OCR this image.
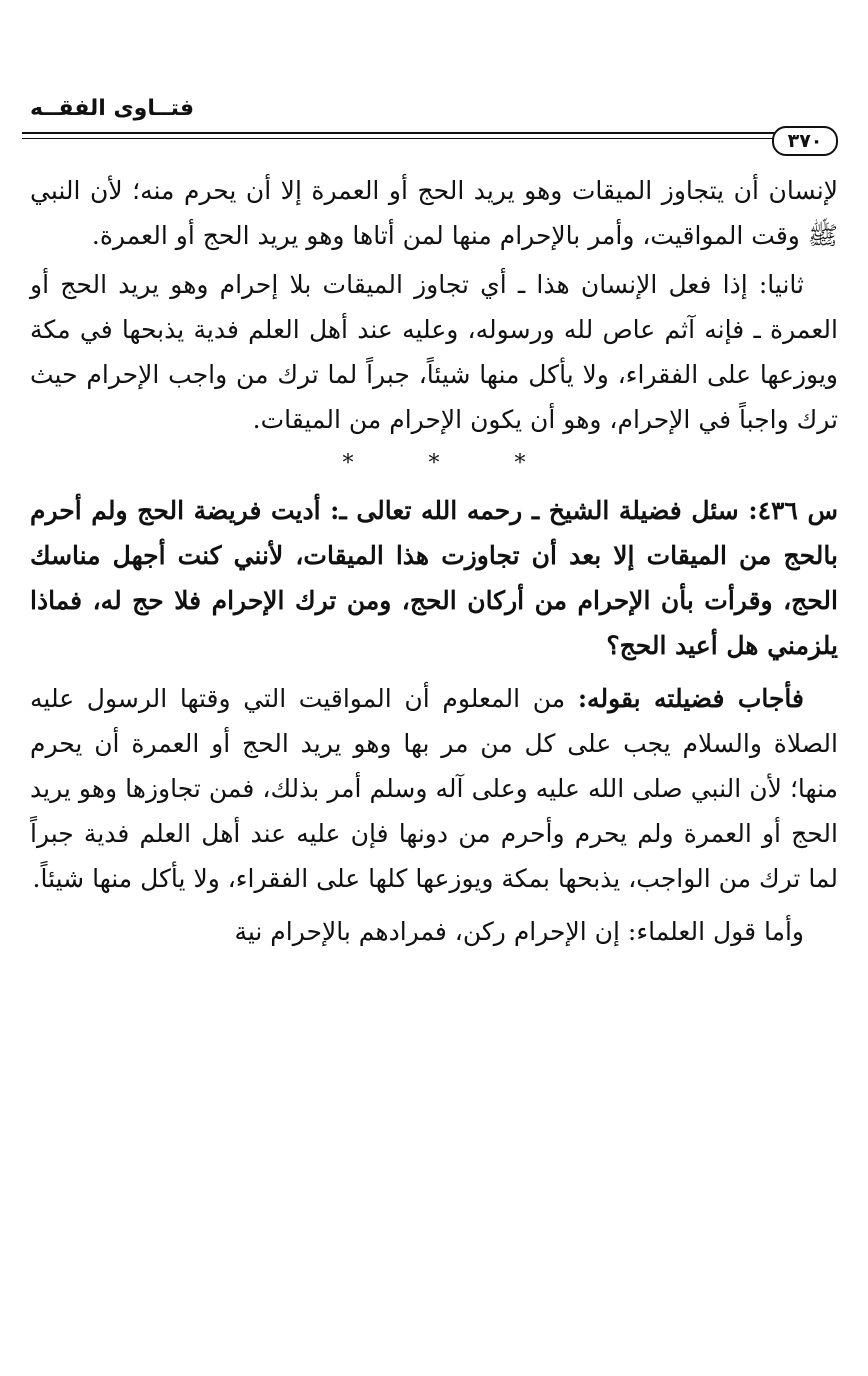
فتــاوى الفقــه
٣٧٠

لإنسان أن يتجاوز الميقات وهو يريد الحج أو العمرة إلا أن يحرم منه؛ لأن النبي ﷺ وقت المواقيت، وأمر بالإحرام منها لمن أتاها وهو يريد الحج أو العمرة.

ثانيا: إذا فعل الإنسان هذا ـ أي تجاوز الميقات بلا إحرام وهو يريد الحج أو العمرة ـ فإنه آثم عاص لله ورسوله، وعليه عند أهل العلم فدية يذبحها في مكة ويوزعها على الفقراء، ولا يأكل منها شيئاً، جبراً لما ترك من واجب الإحرام حيث ترك واجباً في الإحرام، وهو أن يكون الإحرام من الميقات.

* * *

س ٤٣٦: سئل فضيلة الشيخ ـ رحمه الله تعالى ـ: أديت فريضة الحج ولم أحرم بالحج من الميقات إلا بعد أن تجاوزت هذا الميقات، لأنني كنت أجهل مناسك الحج، وقرأت بأن الإحرام من أركان الحج، ومن ترك الإحرام فلا حج له، فماذا يلزمني هل أعيد الحج؟

فأجاب فضيلته بقوله: من المعلوم أن المواقيت التي وقتها الرسول عليه الصلاة والسلام يجب على كل من مر بها وهو يريد الحج أو العمرة أن يحرم منها؛ لأن النبي صلى الله عليه وعلى آله وسلم أمر بذلك، فمن تجاوزها وهو يريد الحج أو العمرة ولم يحرم وأحرم من دونها فإن عليه عند أهل العلم فدية جبراً لما ترك من الواجب، يذبحها بمكة ويوزعها كلها على الفقراء، ولا يأكل منها شيئاً.

وأما قول العلماء: إن الإحرام ركن، فمرادهم بالإحرام نية
